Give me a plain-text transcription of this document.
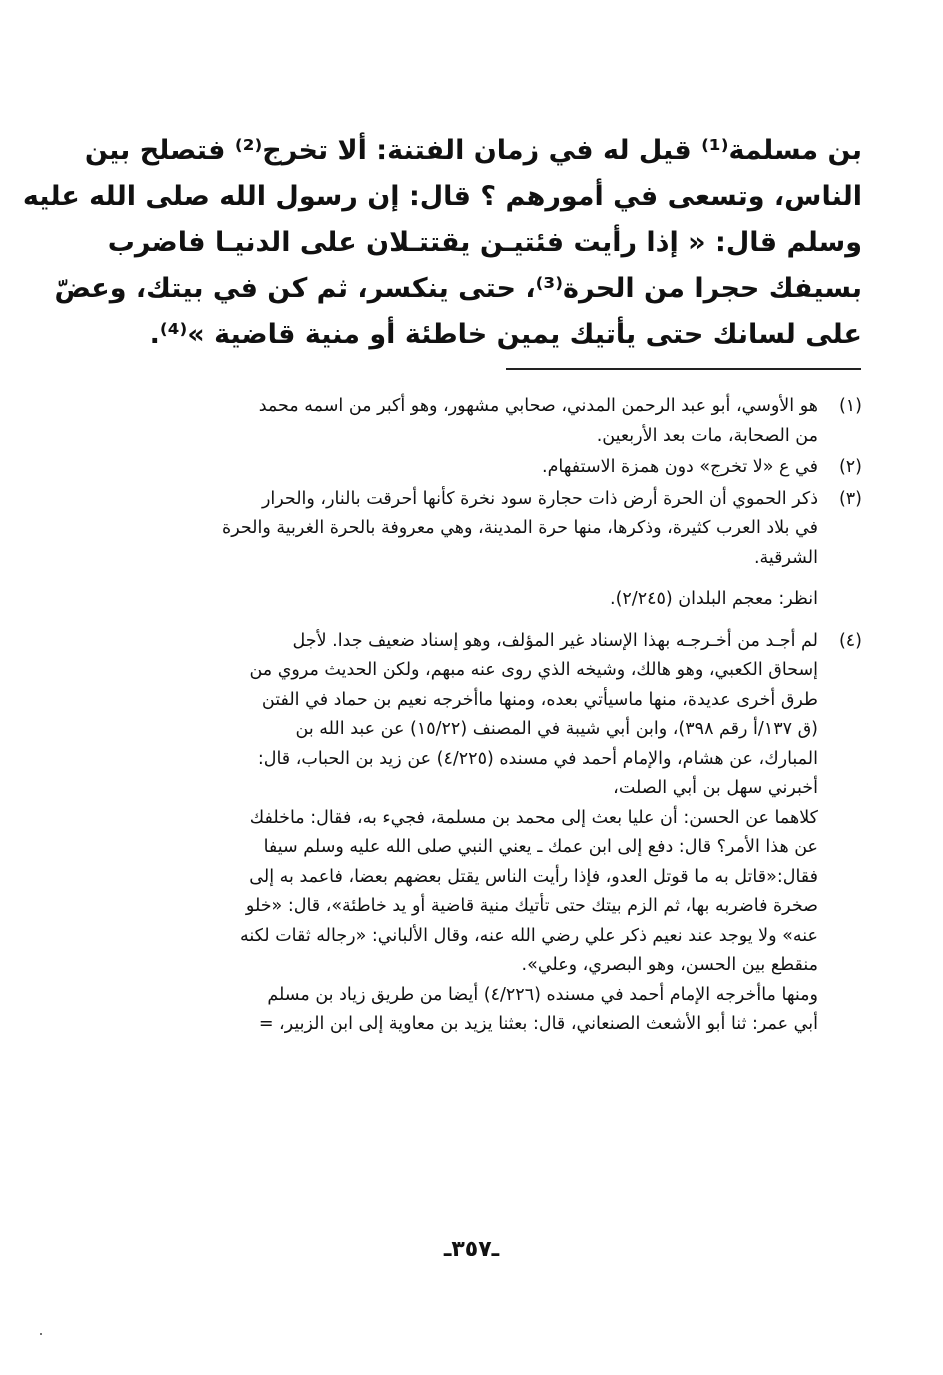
بن مسلمة⁽¹⁾ قيل له في زمان الفتنة: ألا تخرج⁽²⁾ فتصلح بين

الناس، وتسعى في أمورهم ؟ قال: إن رسول الله صلى الله عليه

وسلم قال: « إذا رأيت فئتيـن يقتتـلان على الدنيـا فاضرب

بسيفك حجرا من الحرة⁽³⁾، حتى ينكسر، ثم كن في بيتك، وعضّ

على لسانك حتى يأتيك يمين خاطئة أو منية قاضية »⁽⁴⁾.

(١)
هو الأوسي، أبو عبد الرحمن المدني، صحابي مشهور، وهو أكبر من اسمه محمد
من الصحابة، مات بعد الأربعين.
(٢)
في ع «لا تخرج» دون همزة الاستفهام.
(٣)
ذكر الحموي أن الحرة أرض ذات حجارة سود نخرة كأنها أحرقت بالنار، والحرار
في بلاد العرب كثيرة، وذكرها، منها حرة المدينة، وهي معروفة بالحرة الغربية والحرة
الشرقية.
انظر: معجم البلدان (٢/٢٤٥).
(٤)
لم أجـد من أخـرجـه بهذا الإسناد غير المؤلف، وهو إسناد ضعيف جدا. لأجل
إسحاق الكعبي، وهو هالك، وشيخه الذي روى عنه مبهم، ولكن الحديث مروي من
طرق أخرى عديدة، منها ماسيأتي بعده، ومنها ماأخرجه نعيم بن حماد في الفتن
(ق ١٣٧/أ رقم ٣٩٨)، وابن أبي شيبة في المصنف (١٥/٢٢) عن عبد الله بن
المبارك، عن هشام، والإمام أحمد في مسنده (٤/٢٢٥) عن زيد بن الحباب، قال:
أخبرني سهل بن أبي الصلت،
كلاهما عن الحسن: أن عليا بعث إلى محمد بن مسلمة، فجيء به، فقال: ماخلفك
عن هذا الأمر؟ قال: دفع إلى ابن عمك ـ يعني النبي صلى الله عليه وسلم سيفا
فقال:«قاتل به ما قوتل العدو، فإذا رأيت الناس يقتل بعضهم بعضا، فاعمد به إلى
صخرة فاضربه بها، ثم الزم بيتك حتى تأتيك منية قاضية أو يد خاطئة»، قال: «خلو
عنه» ولا يوجد عند نعيم ذكر علي رضي الله عنه، وقال الألباني: «رجاله ثقات لكنه
منقطع بين الحسن، وهو البصري، وعلي».
ومنها ماأخرجه الإمام أحمد في مسنده (٤/٢٢٦) أيضا من طريق زياد بن مسلم
أبي عمر: ثنا أبو الأشعث الصنعاني، قال: بعثنا يزيد بن معاوية إلى ابن الزبير، =
ـ٣٥٧ـ
